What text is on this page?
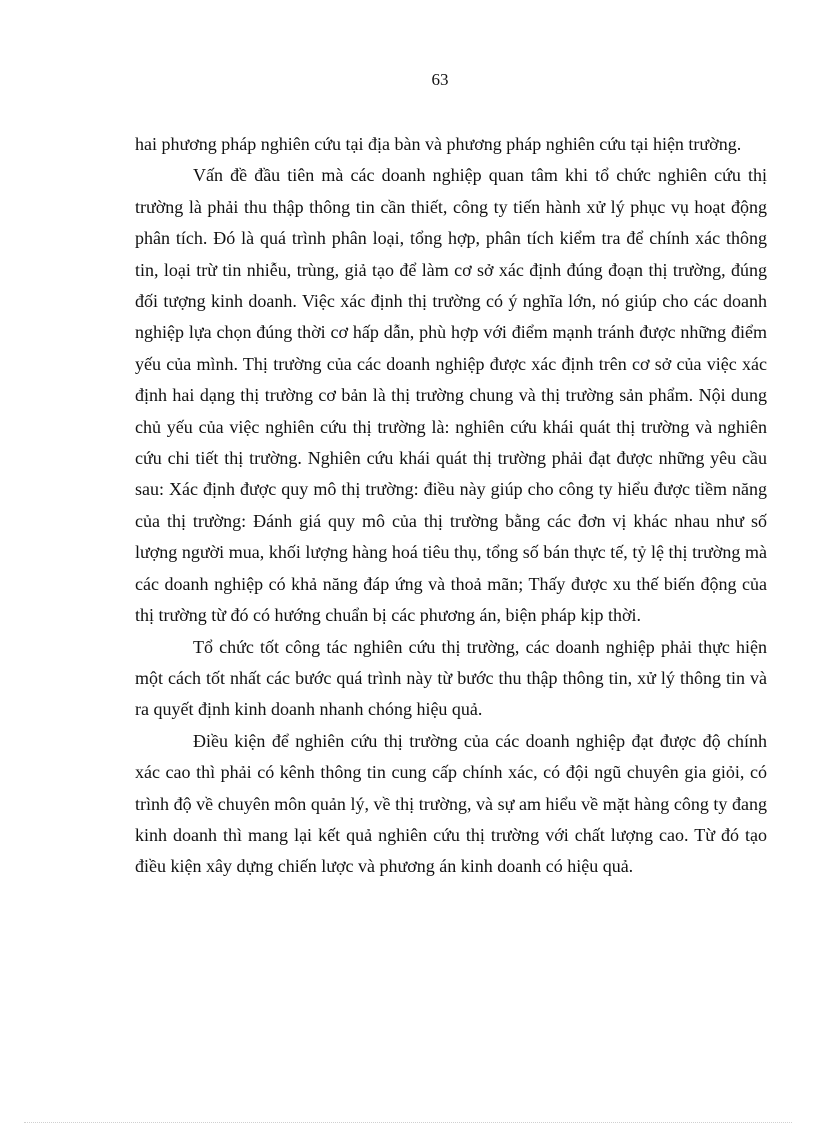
63

hai phương pháp nghiên cứu tại địa bàn và phương pháp nghiên cứu tại hiện trường.

Vấn đề đầu tiên mà các doanh nghiệp quan tâm khi tổ chức nghiên cứu thị trường là phải thu thập thông tin cần thiết, công ty tiến hành xử lý phục vụ hoạt động phân tích. Đó là quá trình phân loại, tổng hợp, phân tích kiểm tra để chính xác thông tin, loại trừ tin nhiễu, trùng, giả tạo để làm cơ sở xác định đúng đoạn thị trường, đúng đối tượng kinh doanh. Việc xác định thị trường có ý nghĩa lớn, nó giúp cho các doanh nghiệp lựa chọn đúng thời cơ hấp dẫn, phù hợp với điểm mạnh tránh được những điểm yếu của mình. Thị trường của các doanh nghiệp được xác định trên cơ sở của việc xác định hai dạng thị trường cơ bản là thị trường chung và thị trường sản phẩm. Nội dung chủ yếu của việc nghiên cứu thị trường là: nghiên cứu khái quát thị trường và nghiên cứu chi tiết thị trường. Nghiên cứu khái quát thị trường phải đạt được những yêu cầu sau: Xác định được quy mô thị trường: điều này giúp cho công ty hiểu được tiềm năng của thị trường: Đánh giá quy mô của thị trường bằng các đơn vị khác nhau như số lượng người mua, khối lượng hàng hoá tiêu thụ, tổng số bán thực tế, tỷ lệ thị trường mà các doanh nghiệp có khả năng đáp ứng và thoả mãn; Thấy được xu thế biến động của thị trường từ đó có hướng chuẩn bị các phương án, biện pháp kịp thời.

Tổ chức tốt công tác nghiên cứu thị trường, các doanh nghiệp phải thực hiện một cách tốt nhất các bước quá trình này từ bước thu thập thông tin, xử lý thông tin và ra quyết định kinh doanh nhanh chóng hiệu quả.

Điều kiện để nghiên cứu thị trường của các doanh nghiệp đạt được độ chính xác cao thì phải có kênh thông tin cung cấp chính xác, có đội ngũ chuyên gia giỏi, có trình độ về chuyên môn quản lý, về thị trường, và sự am hiểu về mặt hàng công ty đang kinh doanh thì mang lại kết quả nghiên cứu thị trường với chất lượng cao. Từ đó tạo điều kiện xây dựng chiến lược và phương án kinh doanh có hiệu quả.
